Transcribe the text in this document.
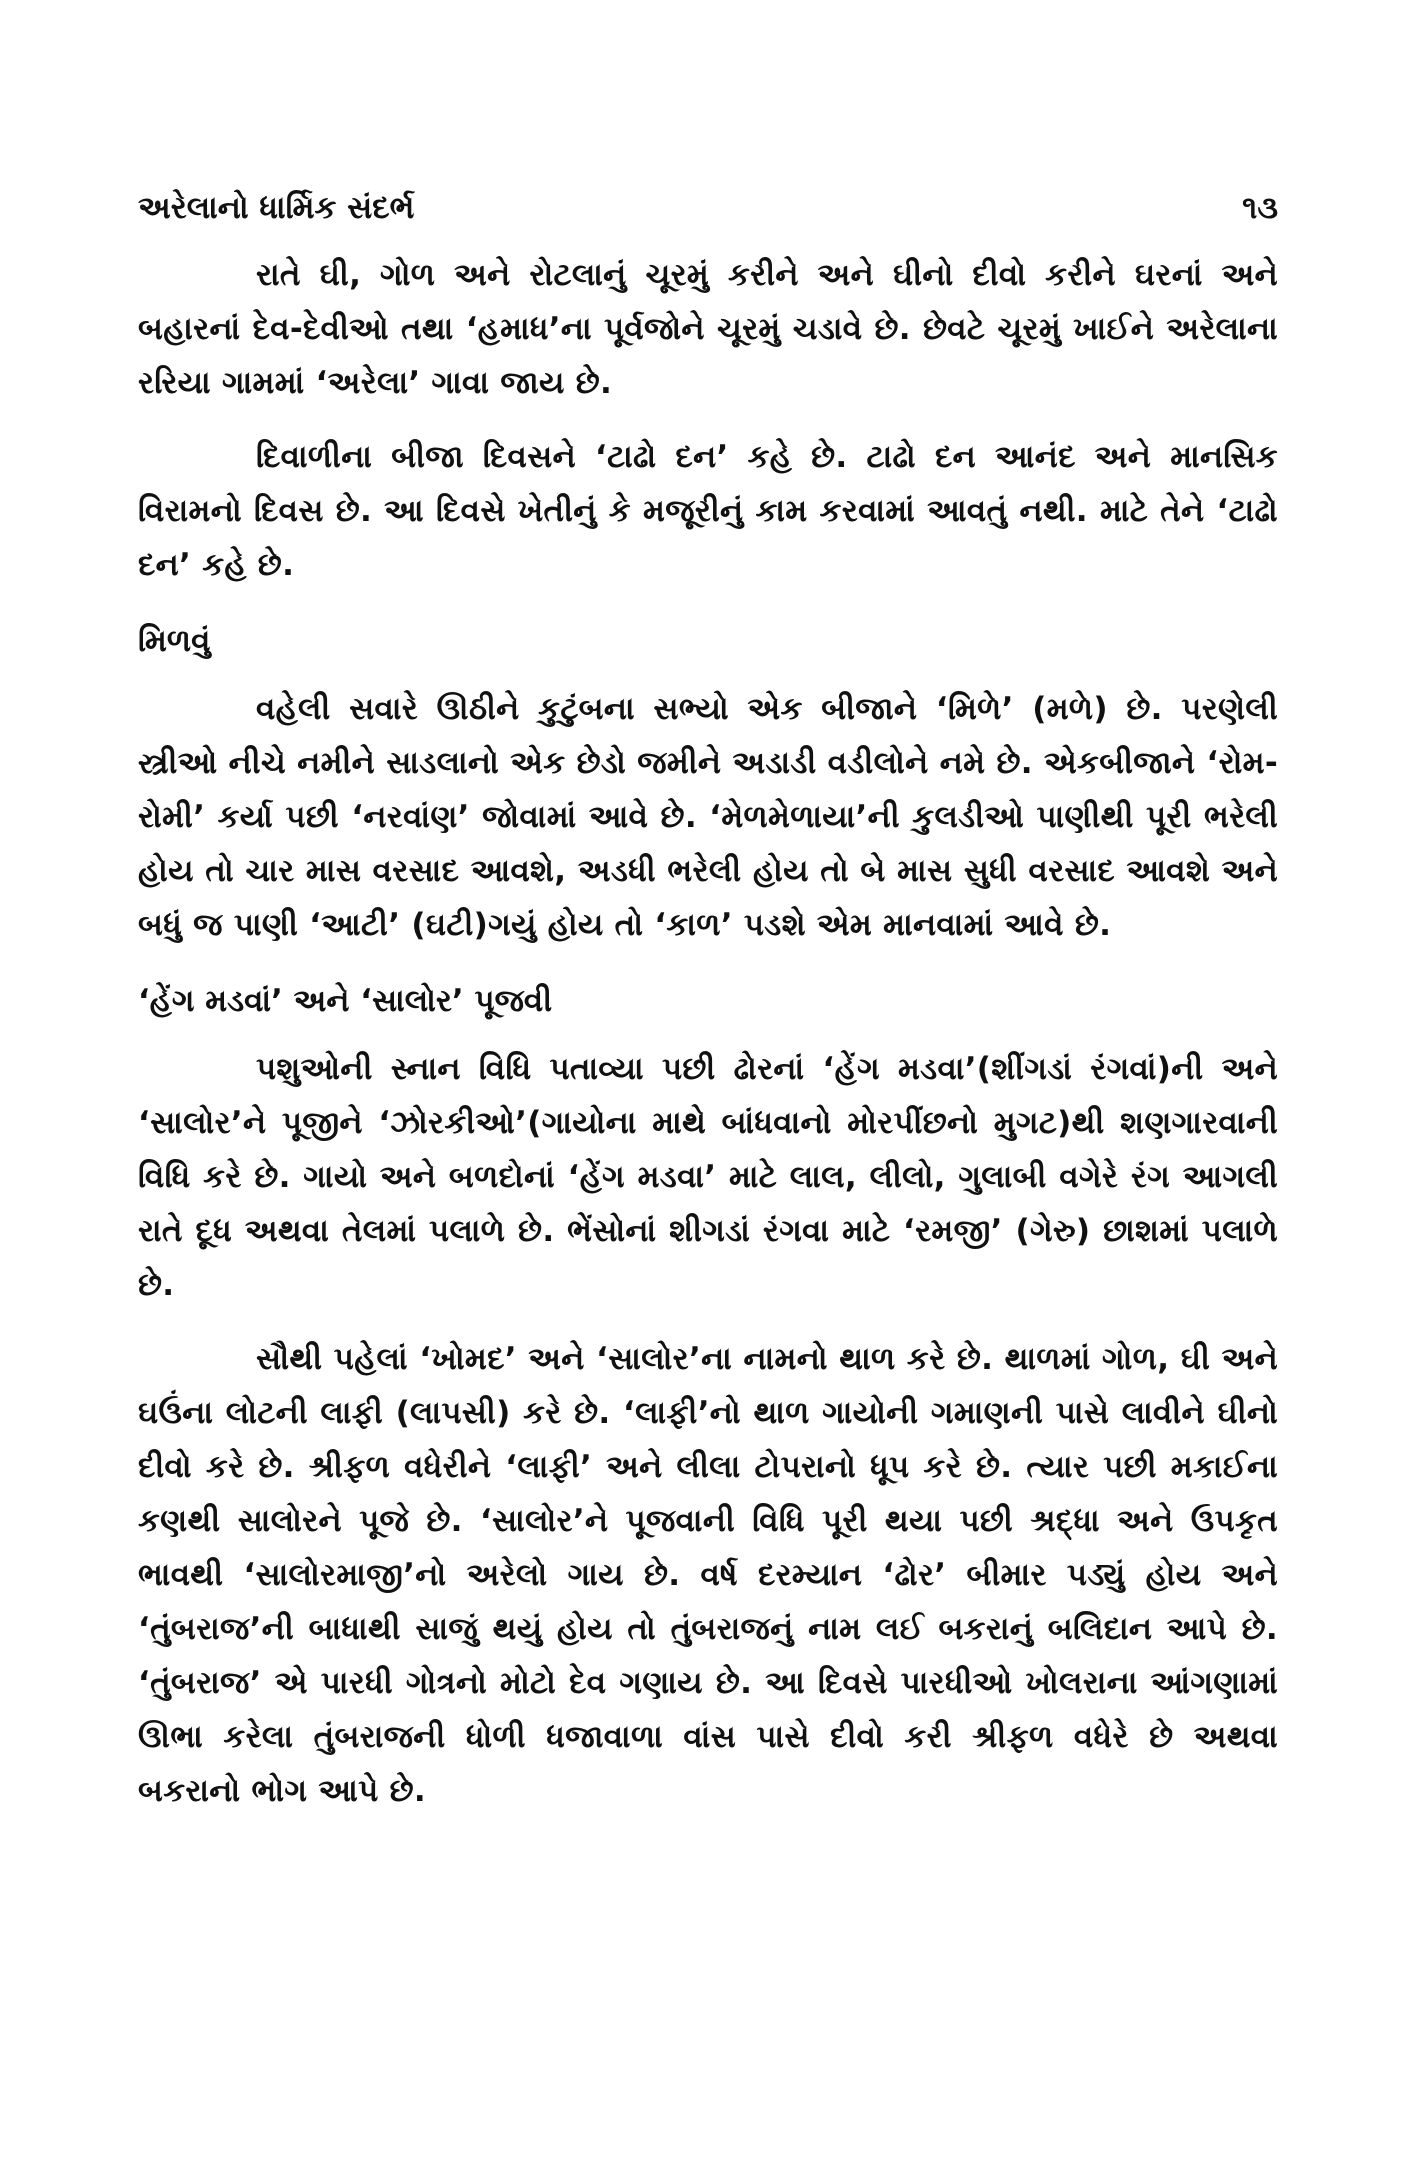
અરેલાનો ધાર્મિક સંદર્ભ	૧૩

રાતે ઘી, ગોળ અને રોટલાનું ચૂરમું કરીને અને ઘીનો દીવો કરીને ઘરનાં અને બહારનાં દેવ-દેવીઓ તથા ‘હમાધ’ના પૂર્વજોને ચૂરમું ચડાવે છે. છેવટે ચૂરમું ખાઈને અરેલાના રરિયા ગામમાં ‘અરેલા’ ગાવા જાય છે.

દિવાળીના બીજા દિવસને ‘ટાઢો દન’ કહે છે. ટાઢો દન આનંદ અને માનસિક વિરામનો દિવસ છે. આ દિવસે ખેતીનું કે મજૂરીનું કામ કરવામાં આવતું નથી. માટે તેને ‘ટાઢો દન’ કહે છે.

મિળવું

વહેલી સવારે ઊઠીને કુટુંબના સભ્યો એક બીજાને ‘મિળે’ (મળે) છે. પરણેલી સ્ત્રીઓ નીચે નમીને સાડલાનો એક છેડો જમીને અડાડી વડીલોને નમે છે. એકબીજાને ‘રોમ-રોમી’ કર્યા પછી ‘નરવાંણ’ જોવામાં આવે છે. ‘મેળમેળાયા’ની કુલડીઓ પાણીથી પૂરી ભરેલી હોય તો ચાર માસ વરસાદ આવશે, અડધી ભરેલી હોય તો બે માસ સુધી વરસાદ આવશે અને બધું જ પાણી ‘આટી’ (ઘટી)ગયું હોય તો ‘કાળ’ પડશે એમ માનવામાં આવે છે.

‘હેંગ મડવાં’ અને ‘સાલોર’ પૂજવી

પશુઓની સ્નાન વિધિ પતાવ્યા પછી ઢોરનાં ‘હેંગ મડવા’(શીંગડાં રંગવાં)ની અને ‘સાલોર’ને પૂજીને ‘ઝોરકીઓ’(ગાયોના માથે બાંધવાનો મોરપીંછનો મુગટ)થી શણગારવાની વિધિ કરે છે. ગાયો અને બળદોનાં ‘હેંગ મડવા’ માટે લાલ, લીલો, ગુલાબી વગેરે રંગ આગલી રાતે દૂધ અથવા તેલમાં પલાળે છે. ભેંસોનાં શીગડાં રંગવા માટે ‘રમજી’ (ગેરુ) છાશમાં પલાળે છે.

સૌથી પહેલાં ‘ખોમદ’ અને ‘સાલોર’ના નામનો થાળ કરે છે. થાળમાં ગોળ, ઘી અને ઘઉંના લોટની લાફી (લાપસી) કરે છે. ‘લાફી’નો થાળ ગાયોની ગમાણની પાસે લાવીને ઘીનો દીવો કરે છે. શ્રીફળ વધેરીને ‘લાફી’ અને લીલા ટોપરાનો ધૂપ કરે છે. ત્યાર પછી મકાઈના કણથી સાલોરને પૂજે છે. ‘સાલોર’ને પૂજવાની વિધિ પૂરી થયા પછી શ્રદ્ધા અને ઉપકૃત ભાવથી ‘સાલોરમાજી’નો અરેલો ગાય છે. વર્ષ દરમ્યાન ‘ઢોર’ બીમાર પડ્યું હોય અને ‘તુંબરાજ’ની બાધાથી સાજું થયું હોય તો તુંબરાજનું નામ લઈ બકરાનું બલિદાન આપે છે. ‘તુંબરાજ’ એ પારધી ગોત્રનો મોટો દેવ ગણાય છે. આ દિવસે પારધીઓ ખોલરાના આંગણામાં ઊભા કરેલા તુંબરાજની ધોળી ધજાવાળા વાંસ પાસે દીવો કરી શ્રીફળ વધેરે છે અથવા બકરાનો ભોગ આપે છે.
